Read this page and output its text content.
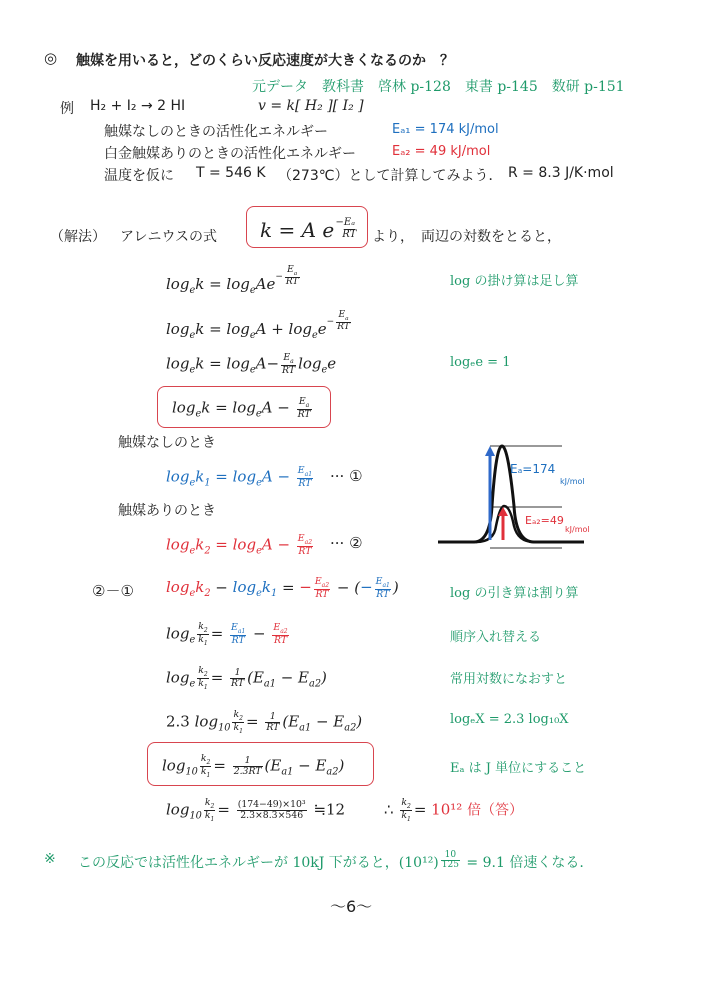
◎ 触媒を用いると，どのくらい反応速度が大きくなるのか　？
元データ　教科書　啓林 p-128　東書 p-145　数研 p-151
例 H₂ + I₂ → 2 HI	v = k[ H₂ ][ I₂ ]
触媒なしのときの活性化エネルギー	Eₐ₁ = 174 kJ/mol
白金触媒ありのときの活性化エネルギー	Eₐ₂ = 49 kJ/mol
温度を仮に T = 546 K （273℃）として計算してみよう． R = 8.3 J/K·mol
（解法） アレニウスの式 k = A e $^{-E_a RT}$ より，　両辺の対数をとると，
$\log_ek = \log_eAe^{- \frac{E_a}{RT}}$	log の掛け算は足し算
$\log_ek = \log_eA + \log_ee^{- \frac{E_a}{RT}}$
$\log_ek = \log_eA- \frac{E_a}{RT} \log_ee$	logₑe = 1
$\log_ek = \log_eA - \frac{E_a}{RT}$
触媒なしのとき
$\log_ek_1 = \log_eA - \frac{E_{a1}}{RT}$ ··· ①
触媒ありのとき
$\log_ek_2 = \log_eA - \frac{E_{a2}}{RT}$ ··· ②
Eₐ=174
kJ/mol
Eₐ₂=49
kJ/mol
②－① $\log_ek_2 - \log_ek_1$ = − $\frac{E_{a2}}{RT}$ − (− $\frac{E_{a1}}{RT}$ )	log の引き算は割り算
$\log_e \frac{k_2}{k_1} = \frac{E_{a1}}{RT} - \frac{E_{a2}}{RT}$	順序入れ替える
$\log_e \frac{k_2}{k_1} = \frac{1}{RT} (E_{a1} - E_{a2})$	常用対数になおすと
2.3 $\log_{10} \frac{k_2}{k_1} = \frac{1}{RT} (E_{a1} - E_{a2})$	logₑX = 2.3 log₁₀X
$\log_{10} \frac{k_2}{k_1} = \frac{1}{2.3RT} (E_{a1} - E_{a2})$	Eₐ は J 単位にすること
$\log_{10} \frac{k_2}{k_1} = \frac{\text{(174−49)×10³}}{2.3\times 8.3\times 546}$ ≒12	∴ $\frac{k_2}{k_1} = 10^{12}$ 倍（答）
※ この反応では活性化エネルギーが 10kJ 下がると，(10¹²) $^{\frac{10}{125}}$ = 9.1 倍速くなる.
～6～
